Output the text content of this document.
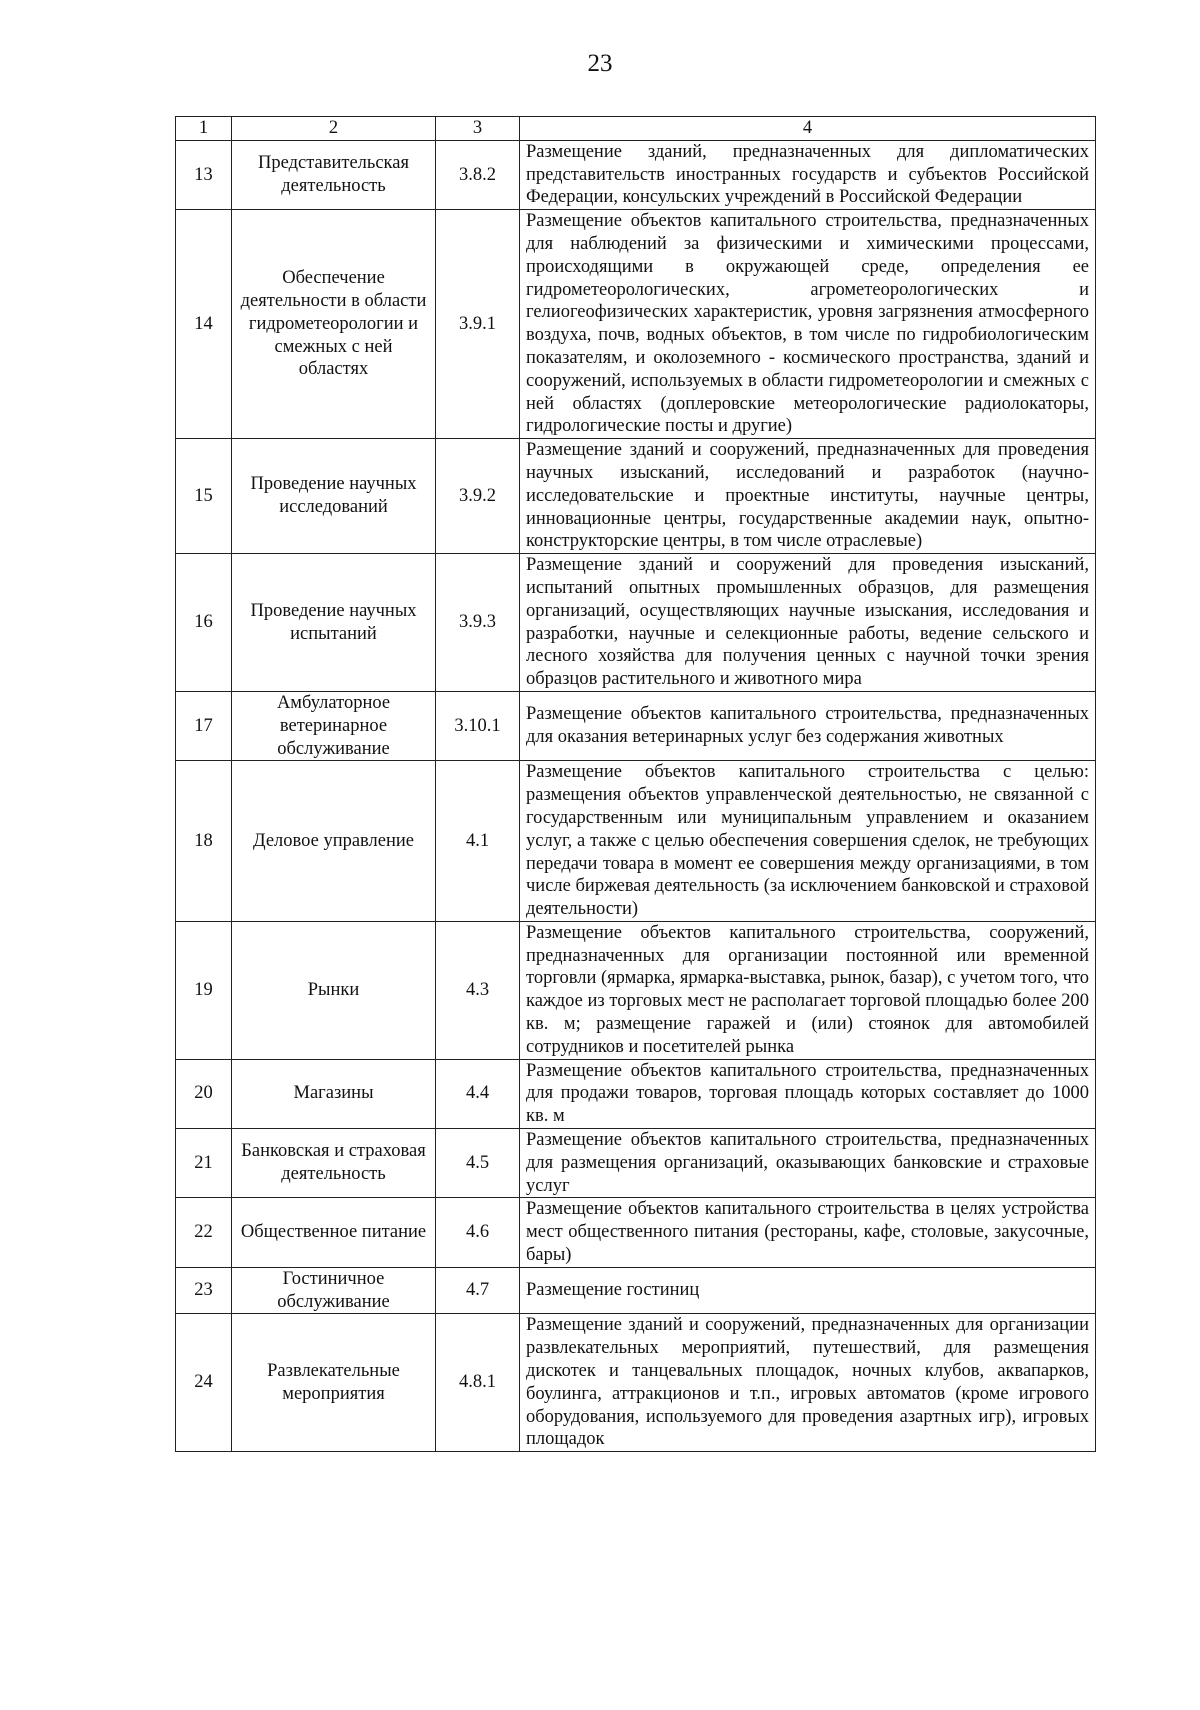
23
1	2	3	4
13	Представительская деятельность	3.8.2	Размещение зданий, предназначенных для дипломатических представительств иностранных государств и субъектов Российской Федерации, консульских учреждений в Российской Федерации
14	Обеспечение деятельности в области гидрометеорологии и смежных с ней областях	3.9.1	Размещение объектов капитального строительства, предназначенных для наблюдений за физическими и химическими процессами, происходящими в окружающей среде, определения ее гидрометеорологических, агрометеорологических и гелиогеофизических характеристик, уровня загрязнения атмосферного воздуха, почв, водных объектов, в том числе по гидробиологическим показателям, и околоземного - космического пространства, зданий и сооружений, используемых в области гидрометеорологии и смежных с ней областях (доплеровские метеорологические радиолокаторы, гидрологические посты и другие)
15	Проведение научных исследований	3.9.2	Размещение зданий и сооружений, предназначенных для проведения научных изысканий, исследований и разработок (научно-исследовательские и проектные институты, научные центры, инновационные центры, государственные академии наук, опытно-конструкторские центры, в том числе отраслевые)
16	Проведение научных испытаний	3.9.3	Размещение зданий и сооружений для проведения изысканий, испытаний опытных промышленных образцов, для размещения организаций, осуществляющих научные изыскания, исследования и разработки, научные и селекционные работы, ведение сельского и лесного хозяйства для получения ценных с научной точки зрения образцов растительного и животного мира
17	Амбулаторное ветеринарное обслуживание	3.10.1	Размещение объектов капитального строительства, предназначенных для оказания ветеринарных услуг без содержания животных
18	Деловое управление	4.1	Размещение объектов капитального строительства с целью: размещения объектов управленческой деятельностью, не связанной с государственным или муниципальным управлением и оказанием услуг, а также с целью обеспечения совершения сделок, не требующих передачи товара в момент ее совершения между организациями, в том числе биржевая деятельность (за исключением банковской и страховой деятельности)
19	Рынки	4.3	Размещение объектов капитального строительства, сооружений, предназначенных для организации постоянной или временной торговли (ярмарка, ярмарка-выставка, рынок, базар), с учетом того, что каждое из торговых мест не располагает торговой площадью более 200 кв. м; размещение гаражей и (или) стоянок для автомобилей сотрудников и посетителей рынка
20	Магазины	4.4	Размещение объектов капитального строительства, предназначенных для продажи товаров, торговая площадь которых составляет до 1000 кв. м
21	Банковская и страховая деятельность	4.5	Размещение объектов капитального строительства, предназначенных для размещения организаций, оказывающих банковские и страховые услуг
22	Общественное питание	4.6	Размещение объектов капитального строительства в целях устройства мест общественного питания (рестораны, кафе, столовые, закусочные, бары)
23	Гостиничное обслуживание	4.7	Размещение гостиниц
24	Развлекательные мероприятия	4.8.1	Размещение зданий и сооружений, предназначенных для организации развлекательных мероприятий, путешествий, для размещения дискотек и танцевальных площадок, ночных клубов, аквапарков, боулинга, аттракционов и т.п., игровых автоматов (кроме игрового оборудования, используемого для проведения азартных игр), игровых площадок
